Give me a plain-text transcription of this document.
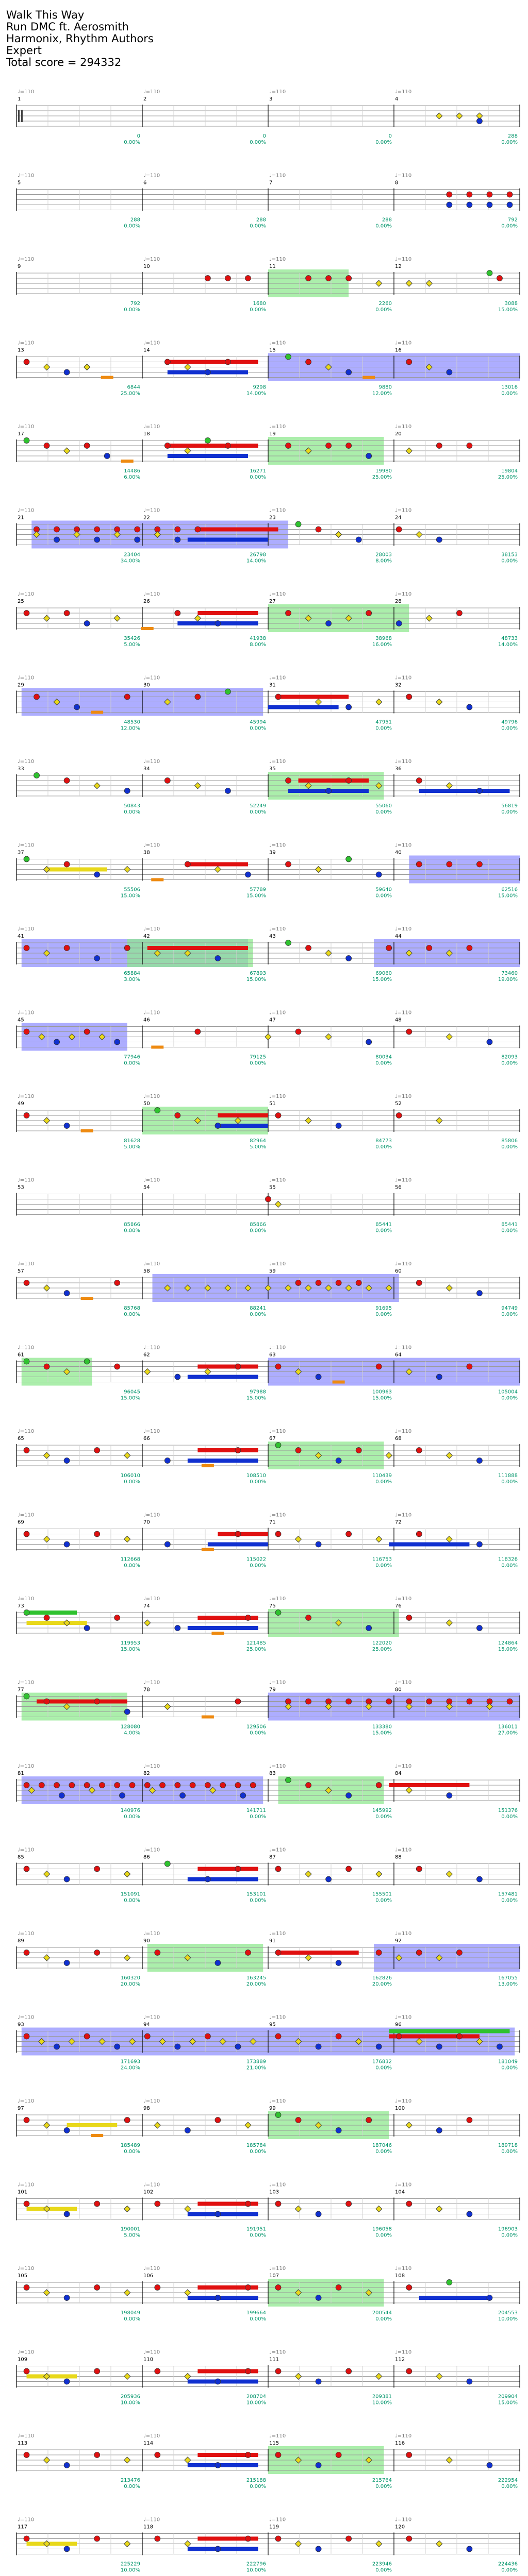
Walk This Way
Run DMC ft. Aerosmith
Harmonix, Rhythm Authors
Expert
Total score = 294332
1
♩=110
0
0.00%
2
♩=110
0
0.00%
3
♩=110
0
0.00%
4
♩=110
288
0.00%
5
♩=110
288
0.00%
6
♩=110
288
0.00%
7
♩=110
288
0.00%
8
♩=110
792
0.00%
9
♩=110
792
0.00%
10
♩=110
1680
0.00%
11
♩=110
2260
0.00%
12
♩=110
3088
15.00%
13
♩=110
6844
25.00%
14
♩=110
9298
14.00%
15
♩=110
9880
12.00%
16
♩=110
13016
0.00%
17
♩=110
14486
6.00%
18
♩=110
16271
0.00%
19
♩=110
19980
25.00%
20
♩=110
19804
25.00%
21
♩=110
23404
34.00%
22
♩=110
26798
14.00%
23
♩=110
28003
8.00%
24
♩=110
38153
0.00%
25
♩=110
35426
5.00%
26
♩=110
41938
8.00%
27
♩=110
38968
16.00%
28
♩=110
48733
14.00%
29
♩=110
48530
12.00%
30
♩=110
45994
0.00%
31
♩=110
47951
0.00%
32
♩=110
49796
0.00%
33
♩=110
50843
0.00%
34
♩=110
52249
0.00%
35
♩=110
55060
0.00%
36
♩=110
56819
0.00%
37
♩=110
55506
15.00%
38
♩=110
57789
15.00%
39
♩=110
59640
0.00%
40
♩=110
62516
15.00%
41
♩=110
65884
3.00%
42
♩=110
67893
15.00%
43
♩=110
69060
15.00%
44
♩=110
73460
19.00%
45
♩=110
77946
0.00%
46
♩=110
79125
0.00%
47
♩=110
80034
0.00%
48
♩=110
82093
0.00%
49
♩=110
81628
5.00%
50
♩=110
82964
5.00%
51
♩=110
84773
0.00%
52
♩=110
85806
0.00%
53
♩=110
85866
0.00%
54
♩=110
85866
0.00%
55
♩=110
85441
0.00%
56
♩=110
85441
0.00%
57
♩=110
85768
0.00%
58
♩=110
88241
0.00%
59
♩=110
91695
0.00%
60
♩=110
94749
0.00%
61
♩=110
96045
15.00%
62
♩=110
97988
15.00%
63
♩=110
100963
15.00%
64
♩=110
105004
0.00%
65
♩=110
106010
0.00%
66
♩=110
108510
0.00%
67
♩=110
110439
0.00%
68
♩=110
111888
0.00%
69
♩=110
112668
0.00%
70
♩=110
115022
0.00%
71
♩=110
116753
0.00%
72
♩=110
118326
0.00%
73
♩=110
119953
15.00%
74
♩=110
121485
25.00%
75
♩=110
122020
25.00%
76
♩=110
124864
15.00%
77
♩=110
128080
4.00%
78
♩=110
129506
0.00%
79
♩=110
133380
15.00%
80
♩=110
136011
27.00%
81
♩=110
140976
0.00%
82
♩=110
141711
0.00%
83
♩=110
145992
0.00%
84
♩=110
151376
0.00%
85
♩=110
151091
0.00%
86
♩=110
153101
0.00%
87
♩=110
155501
0.00%
88
♩=110
157481
0.00%
89
♩=110
160320
20.00%
90
♩=110
163245
20.00%
91
♩=110
162826
20.00%
92
♩=110
167055
13.00%
93
♩=110
171693
24.00%
94
♩=110
173889
21.00%
95
♩=110
176832
0.00%
96
♩=110
181049
0.00%
97
♩=110
185489
0.00%
98
♩=110
185784
0.00%
99
♩=110
187046
0.00%
100
♩=110
189718
0.00%
101
♩=110
190001
5.00%
102
♩=110
191951
0.00%
103
♩=110
196058
0.00%
104
♩=110
196903
0.00%
105
♩=110
198049
0.00%
106
♩=110
199664
0.00%
107
♩=110
200544
0.00%
108
♩=110
204553
10.00%
109
♩=110
205936
10.00%
110
♩=110
208704
10.00%
111
♩=110
209381
10.00%
112
♩=110
209904
15.00%
113
♩=110
213476
0.00%
114
♩=110
215188
0.00%
115
♩=110
215764
0.00%
116
♩=110
222954
0.00%
117
♩=110
225229
10.00%
118
♩=110
222796
10.00%
119
♩=110
223946
0.00%
120
♩=110
224436
0.00%
